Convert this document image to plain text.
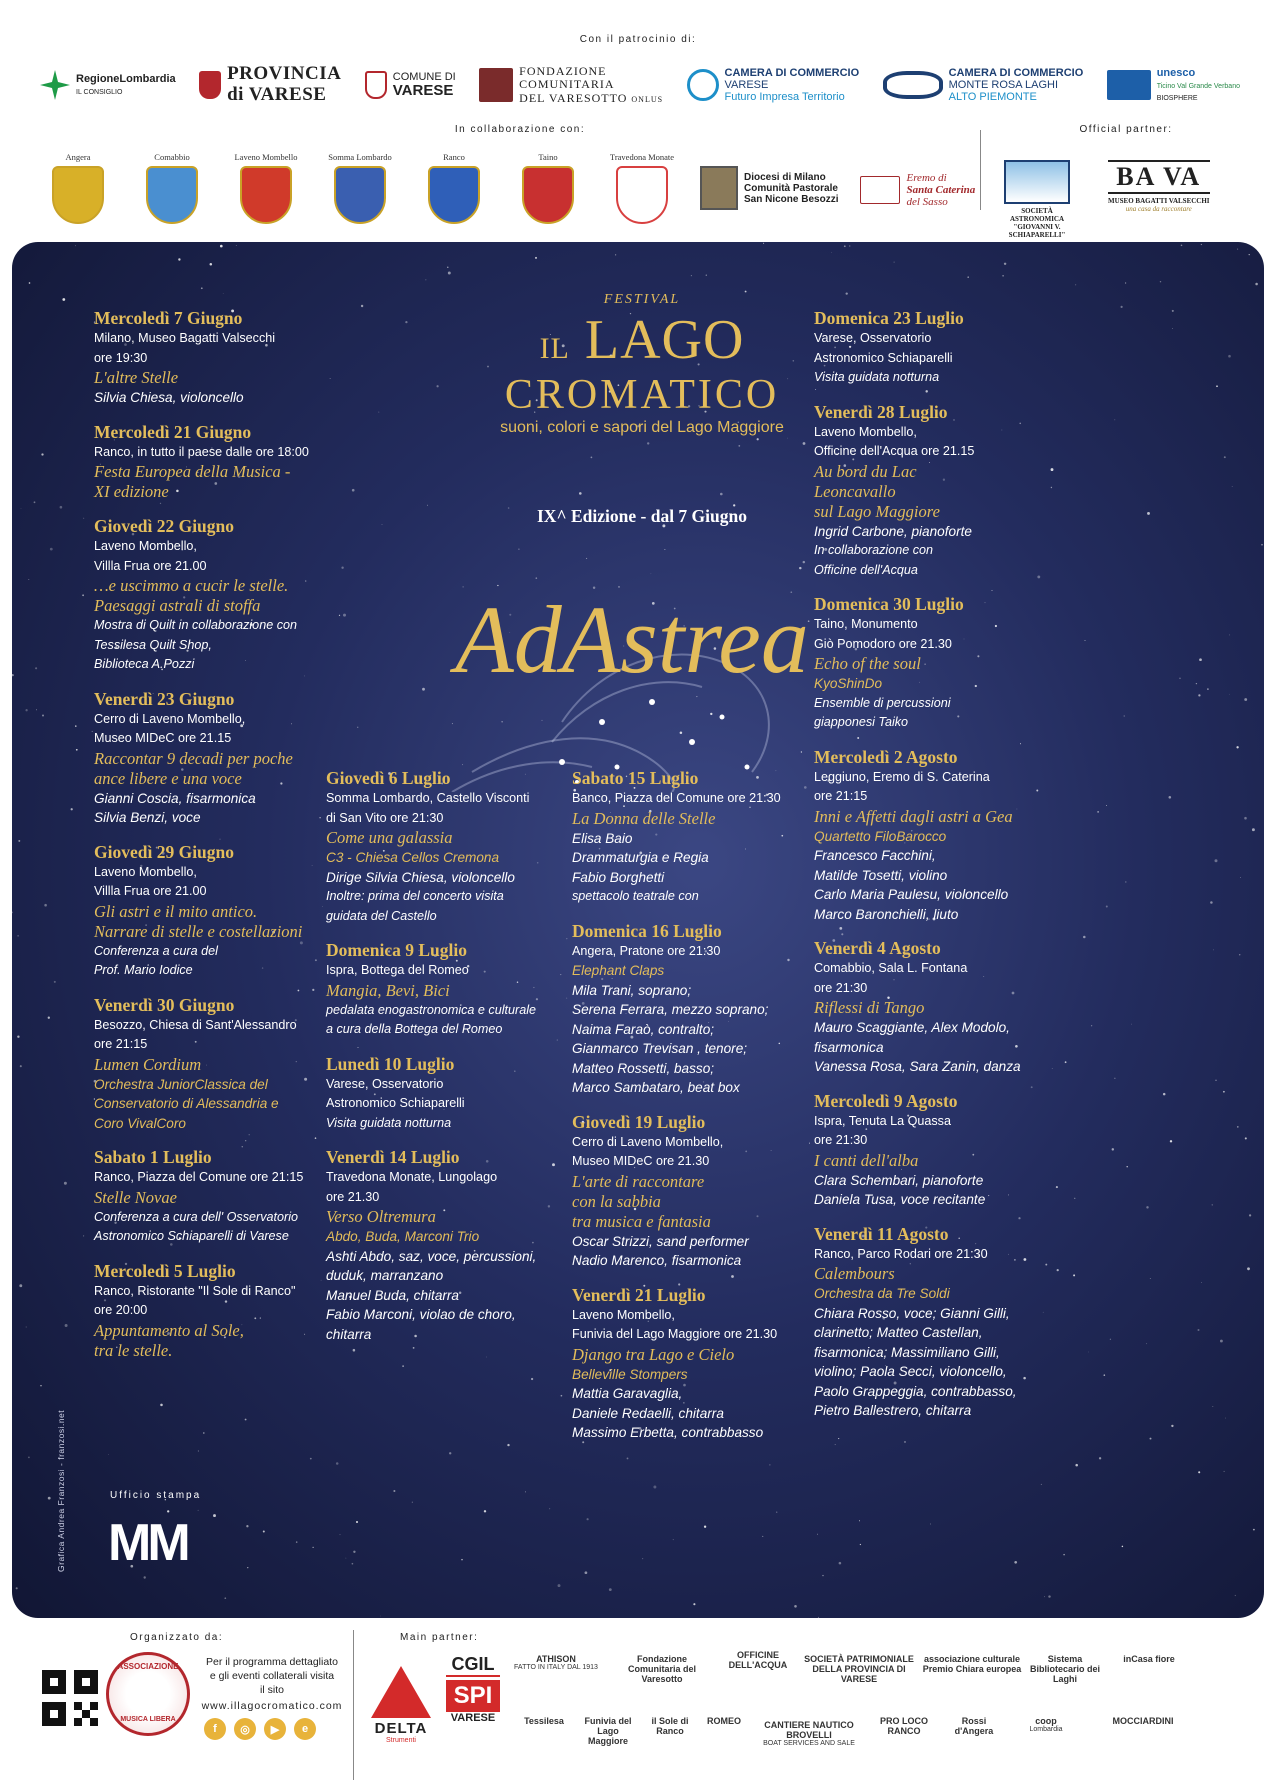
Con il patrocinio di:
RegioneLombardia
IL CONSIGLIO
PROVINCIA
di VARESE
COMUNE DI
VARESE
FONDAZIONE
COMUNITARIA
DEL VARESOTTO ONLUS
CAMERA DI COMMERCIO
VARESE
Futuro Impresa Territorio
CAMERA DI COMMERCIO
MONTE ROSA LAGHI
ALTO PIEMONTE
unesco
Ticino Val Grande Verbano
BIOSPHERE
In collaborazione con:	Official partner:
Angera	Comabbio	Laveno Mombello	Somma Lombardo	Ranco	Taino	Travedona Monate
Diocesi di Milano
Comunità Pastorale
San Nicone Besozzi
Eremo di
Santa Caterina
del Sasso
SOCIETÀ ASTRONOMICA "GIOVANNI V. SCHIAPARELLI"
BA VA
MUSEO BAGATTI VALSECCHI
una casa da raccontare
FESTIVAL
IL LAGO
CROMATICO
suoni, colori e sapori del Lago Maggiore
IX^ Edizione - dal 7 Giugno
AdAstrea
Mercoledì 7 Giugno
Milano, Museo Bagatti Valsecchi
ore 19:30
L'altre Stelle
Silvia Chiesa, violoncello
Mercoledì 21 Giugno
Ranco, in tutto il paese dalle ore 18:00
Festa Europea della Musica -
XI edizione
Giovedì 22 Giugno
Laveno Mombello,
Villla Frua ore 21.00
…e uscimmo a cucir le stelle.
Paesaggi astrali di stoffa
Mostra di Quilt in collaborazione con
Tessilesa Quilt Shop,
Biblioteca A.Pozzi
Venerdì 23 Giugno
Cerro di Laveno Mombello,
Museo MIDeC ore 21.15
Raccontar 9 decadi per poche
ance libere e una voce
Gianni Coscia, fisarmonica
Silvia Benzi, voce
Giovedì 29 Giugno
Laveno Mombello,
Villla Frua ore 21.00
Gli astri e il mito antico.
Narrare di stelle e costellazioni
Conferenza a cura del
Prof. Mario Iodice
Venerdì 30 Giugno
Besozzo, Chiesa di Sant'Alessandro
ore 21:15
Lumen Cordium
Orchestra JuniorClassica del
Conservatorio di Alessandria e
Coro VivalCoro
Sabato 1 Luglio
Ranco, Piazza del Comune ore 21:15
Stelle Novae
Conferenza a cura dell' Osservatorio
Astronomico Schiaparelli di Varese
Mercoledì 5 Luglio
Ranco, Ristorante "Il Sole di Ranco"
ore 20:00
Appuntamento al Sole,
tra le stelle.
Giovedì 6 Luglio
Somma Lombardo, Castello Visconti
di San Vito ore 21:30
Come una galassia
C3 - Chiesa Cellos Cremona
Dirige Silvia Chiesa, violoncello
Inoltre: prima del concerto visita
guidata del Castello
Domenica 9 Luglio
Ispra, Bottega del Romeo
Mangia, Bevi, Bici
pedalata enogastronomica e culturale
a cura della Bottega del Romeo
Lunedì 10 Luglio
Varese, Osservatorio
Astronomico Schiaparelli
Visita guidata notturna
Venerdì 14 Luglio
Travedona Monate, Lungolago
ore 21.30
Verso Oltremura
Abdo, Buda, Marconi Trio
Ashti Abdo, saz, voce, percussioni,
duduk, marranzano
Manuel Buda, chitarra
Fabio Marconi, violao de choro,
chitarra
Sabato 15 Luglio
Banco, Piazza del Comune ore 21:30
La Donna delle Stelle
Elisa Baio
Drammaturgia e Regia
Fabio Borghetti
spettacolo teatrale con
Domenica 16 Luglio
Angera, Pratone ore 21:30
Elephant Claps
Mila Trani, soprano;
Serena Ferrara, mezzo soprano;
Naima Faraò, contralto;
Gianmarco Trevisan , tenore;
Matteo Rossetti, basso;
Marco Sambataro, beat box
Giovedì 19 Luglio
Cerro di Laveno Mombello,
Museo MIDeC ore 21.30
L'arte di raccontare
con la sabbia
tra musica e fantasia
Oscar Strizzi, sand performer
Nadio Marenco, fisarmonica
Venerdì 21 Luglio
Laveno Mombello,
Funivia del Lago Maggiore ore 21.30
Django tra Lago e Cielo
Belleville Stompers
Mattia Garavaglia,
Daniele Redaelli, chitarra
Massimo Erbetta, contrabbasso
Domenica 23 Luglio
Varese, Osservatorio
Astronomico Schiaparelli
Visita guidata notturna
Venerdì 28 Luglio
Laveno Mombello,
Officine dell'Acqua ore 21.15
Au bord du Lac
Leoncavallo
sul Lago Maggiore
Ingrid Carbone, pianoforte
In collaborazione con
Officine dell'Acqua
Domenica 30 Luglio
Taino, Monumento
Giò Pomodoro ore 21.30
Echo of the soul
KyoShinDo
Ensemble di percussioni
giapponesi Taiko
Mercoledì 2 Agosto
Leggiuno, Eremo di S. Caterina
ore 21:15
Inni e Affetti dagli astri a Gea
Quartetto FiloBarocco
Francesco Facchini,
Matilde Tosetti, violino
Carlo Maria Paulesu, violoncello
Marco Baronchielli, liuto
Venerdì 4 Agosto
Comabbio, Sala L. Fontana
ore 21:30
Riflessi di Tango
Mauro Scaggiante, Alex Modolo,
fisarmonica
Vanessa Rosa, Sara Zanin, danza
Mercoledì 9 Agosto
Ispra, Tenuta La Quassa
ore 21:30
I canti dell'alba
Clara Schembari, pianoforte
Daniela Tusa, voce recitante
Venerdì 11 Agosto
Ranco, Parco Rodari ore 21:30
Calembours
Orchestra da Tre Soldi
Chiara Rosso, voce; Gianni Gilli,
clarinetto; Matteo Castellan,
fisarmonica; Massimiliano Gilli,
violino; Paola Secci, violoncello,
Paolo Grappeggia, contrabbasso,
Pietro Ballestrero, chitarra
Grafica Andrea Franzosi - franzosi.net	Ufficio stampa
MM
Organizzato da:	Main partner:
ASSOCIAZIONE
MUSICA LIBERA
Per il programma dettagliato
e gli eventi collaterali visita
il sito
www.illagocromatico.com
f	◎	▶	e	DELTA
Strumenti
CGIL
SPI
VARESE
ATHISON
FATTO IN ITALY DAL 1913
Fondazione Comunitaria del Varesotto
OFFICINE DELL'ACQUA
SOCIETÀ PATRIMONIALE DELLA PROVINCIA DI VARESE
associazione culturale Premio Chiara europea
Sistema Bibliotecario dei Laghi
inCasa fiore
Tessilesa	Funivia del Lago Maggiore
il Sole di Ranco
ROMEO	CANTIERE NAUTICO BROVELLI
BOAT SERVICES AND SALE
PRO LOCO RANCO
Rossi d'Angera
coop
Lombardia
MOCCIARDINI
